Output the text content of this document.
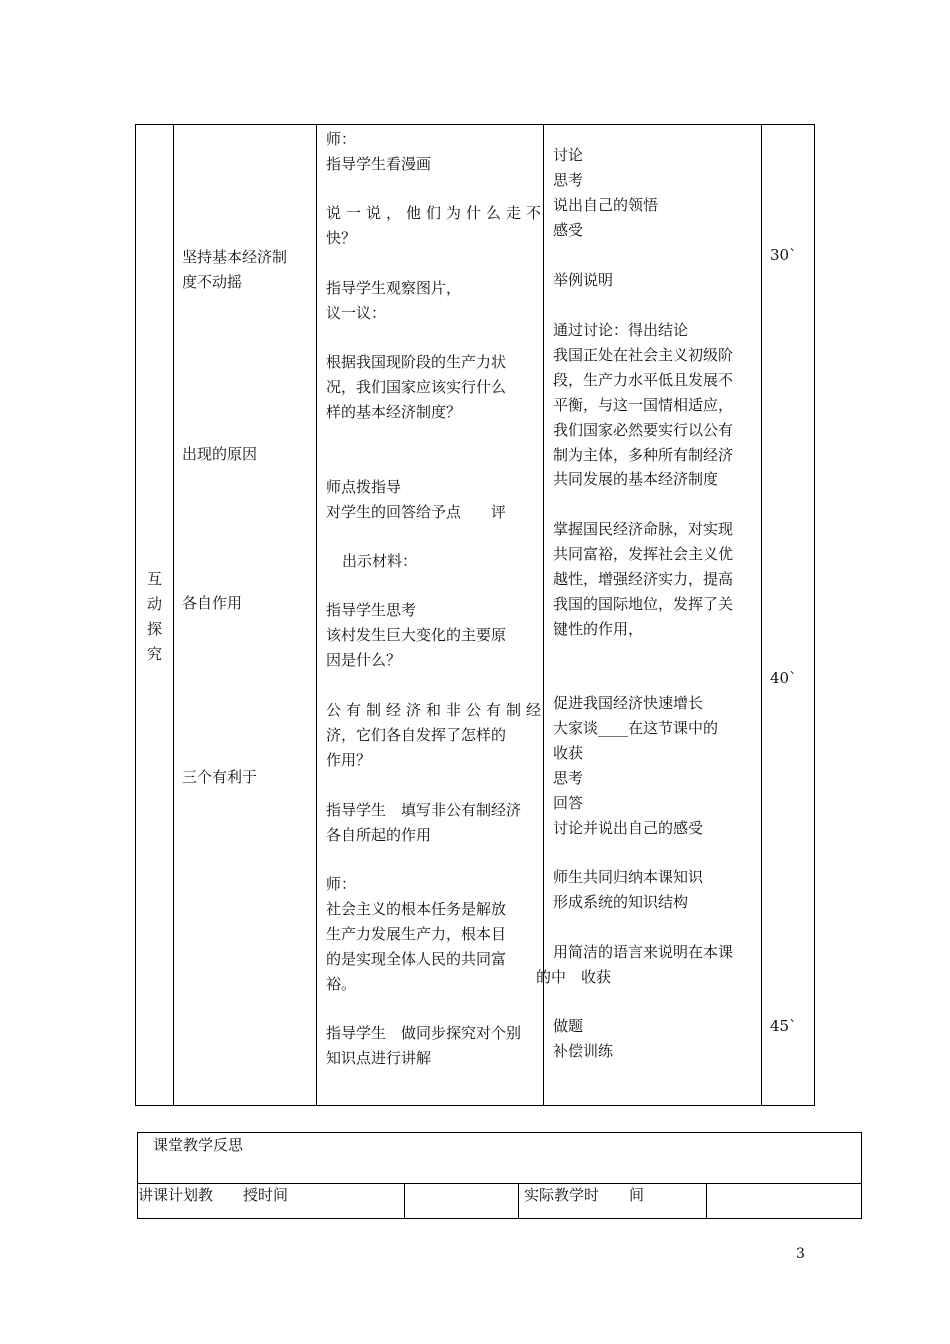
互动探究
坚持基本经济制
度不动摇
出现的原因
各自作用
三个有利于
师：
指导学生看漫画
说一说，他们为什么走不
快？
指导学生观察图片，
议一议：
根据我国现阶段的生产力状
况，我们国家应该实行什么
样的基本经济制度？
师点拨指导
对学生的回答给予点　　评
出示材料：
指导学生思考
该村发生巨大变化的主要原
因是什么？
公有制经济和非公有制经
济，它们各自发挥了怎样的
作用？
指导学生　填写非公有制经济
各自所起的作用
师：
社会主义的根本任务是解放
生产力发展生产力，根本目
的是实现全体人民的共同富
裕。
指导学生　做同步探究对个别
知识点进行讲解
讨论
思考
说出自己的领悟
感受
举例说明
通过讨论：得出结论
我国正处在社会主义初级阶
段，生产力水平低且发展不
平衡，与这一国情相适应，
我们国家必然要实行以公有
制为主体，多种所有制经济
共同发展的基本经济制度
掌握国民经济命脉，对实现
共同富裕，发挥社会主义优
越性，增强经济实力，提高
我国的国际地位，发挥了关
键性的作用，
促进我国经济快速增长
大家谈____在这节课中的
收获
思考
回答
讨论并说出自己的感受
师生共同归纳本课知识
形成系统的知识结构
用简洁的语言来说明在本课
的中　收获
做题
补偿训练
30`
40`
45`
课堂教学反思
讲课计划教　　授时间	实际教学时　　间
3
